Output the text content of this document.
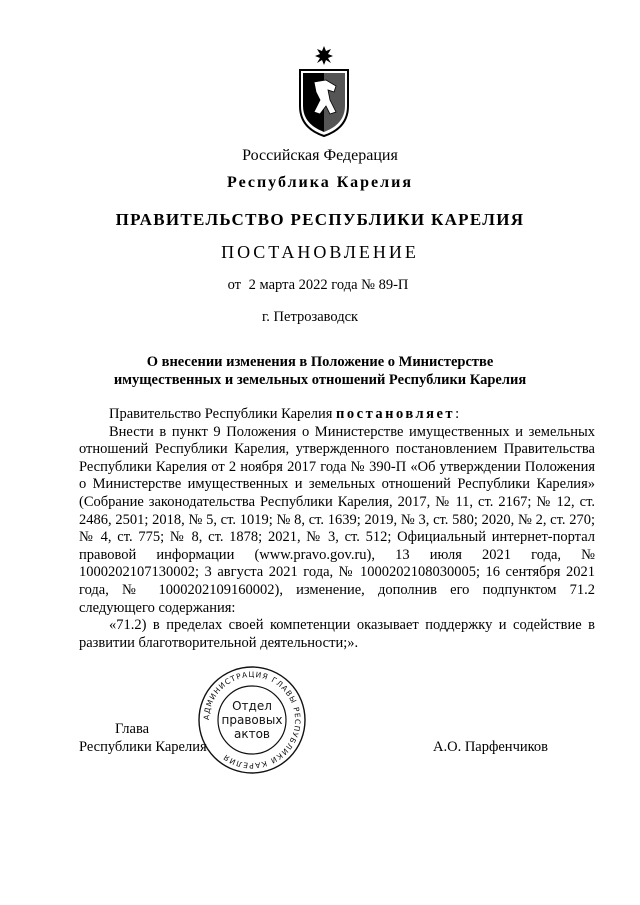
Российская Федерация
Республика Карелия
ПРАВИТЕЛЬСТВО РЕСПУБЛИКИ КАРЕЛИЯ
ПОСТАНОВЛЕНИЕ
от 2 марта 2022 года № 89-П
г. Петрозаводск
О внесении изменения в Положение о Министерстве
имущественных и земельных отношений Республики Карелия

Правительство Республики Карелия постановляет:

Внести в пункт 9 Положения о Министерстве имущественных и земельных отношений Республики Карелия, утвержденного постановлением Правительства Республики Карелия от 2 ноября 2017 года № 390-П «Об утверждении Положения о Министерстве имущественных и земельных отношений Республики Карелия» (Собрание законодательства Республики Карелия, 2017, № 11, ст. 2167; № 12, ст. 2486, 2501; 2018, № 5, ст. 1019; № 8, ст. 1639; 2019, № 3, ст. 580; 2020, № 2, ст. 270; № 4, ст. 775; № 8, ст. 1878; 2021, № 3, ст. 512; Официальный интернет-портал правовой информации (www.pravo.gov.ru), 13 июля 2021 года, № 1000202107130002; 3 августа 2021 года, № 1000202108030005; 16 сентября 2021 года, № 1000202109160002), изменение, дополнив его подпунктом 71.2 следующего содержания:

«71.2) в пределах своей компетенции оказывает поддержку и содействие в развитии благотворительной деятельности;».

Глава
Республики Карелия	А.О. Парфенчиков
АДМИНИСТРАЦИЯ ГЛАВЫ РЕСПУБЛИКИ КАРЕЛИЯ
Отдел
правовых
актов
